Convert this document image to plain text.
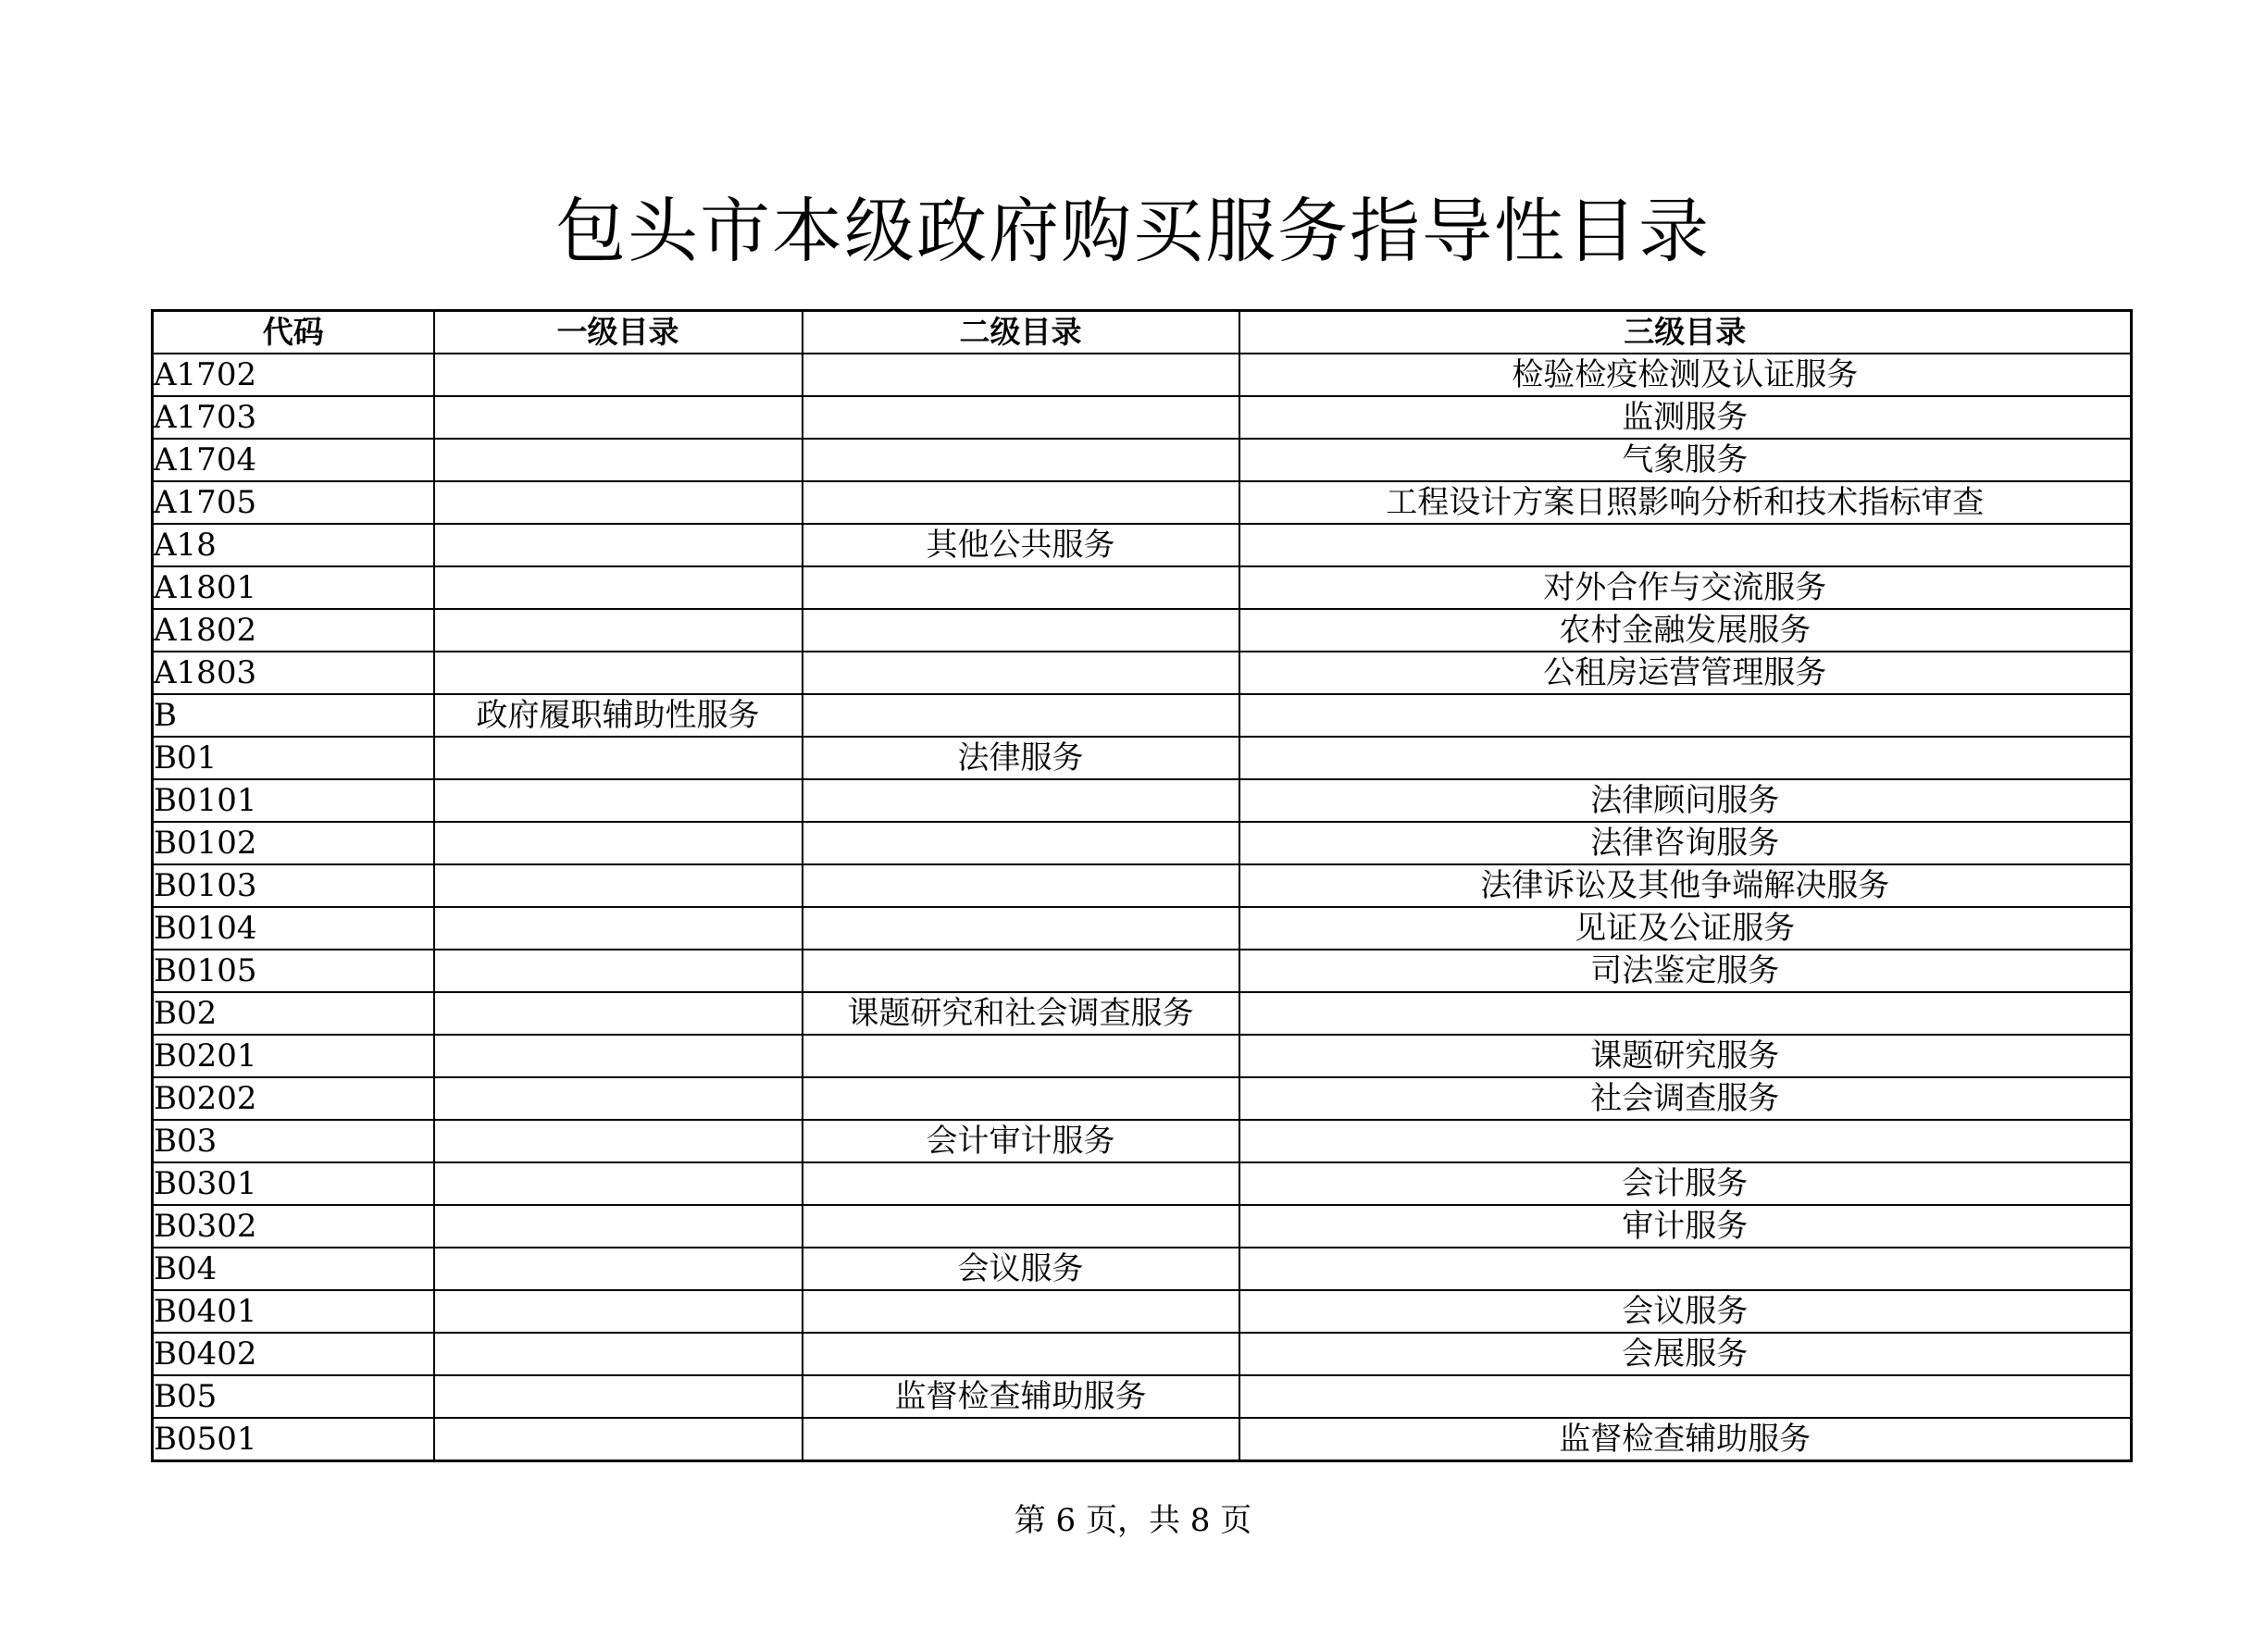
包头市本级政府购买服务指导性目录
代码	一级目录	二级目录	三级目录
A1702			检验检疫检测及认证服务
A1703			监测服务
A1704			气象服务
A1705			工程设计方案日照影响分析和技术指标审查
A18		其他公共服务	
A1801			对外合作与交流服务
A1802			农村金融发展服务
A1803			公租房运营管理服务
B	政府履职辅助性服务		
B01		法律服务	
B0101			法律顾问服务
B0102			法律咨询服务
B0103			法律诉讼及其他争端解决服务
B0104			见证及公证服务
B0105			司法鉴定服务
B02		课题研究和社会调查服务	
B0201			课题研究服务
B0202			社会调查服务
B03		会计审计服务	
B0301			会计服务
B0302			审计服务
B04		会议服务	
B0401			会议服务
B0402			会展服务
B05		监督检查辅助服务	
B0501			监督检查辅助服务
第 6 页，共 8 页
